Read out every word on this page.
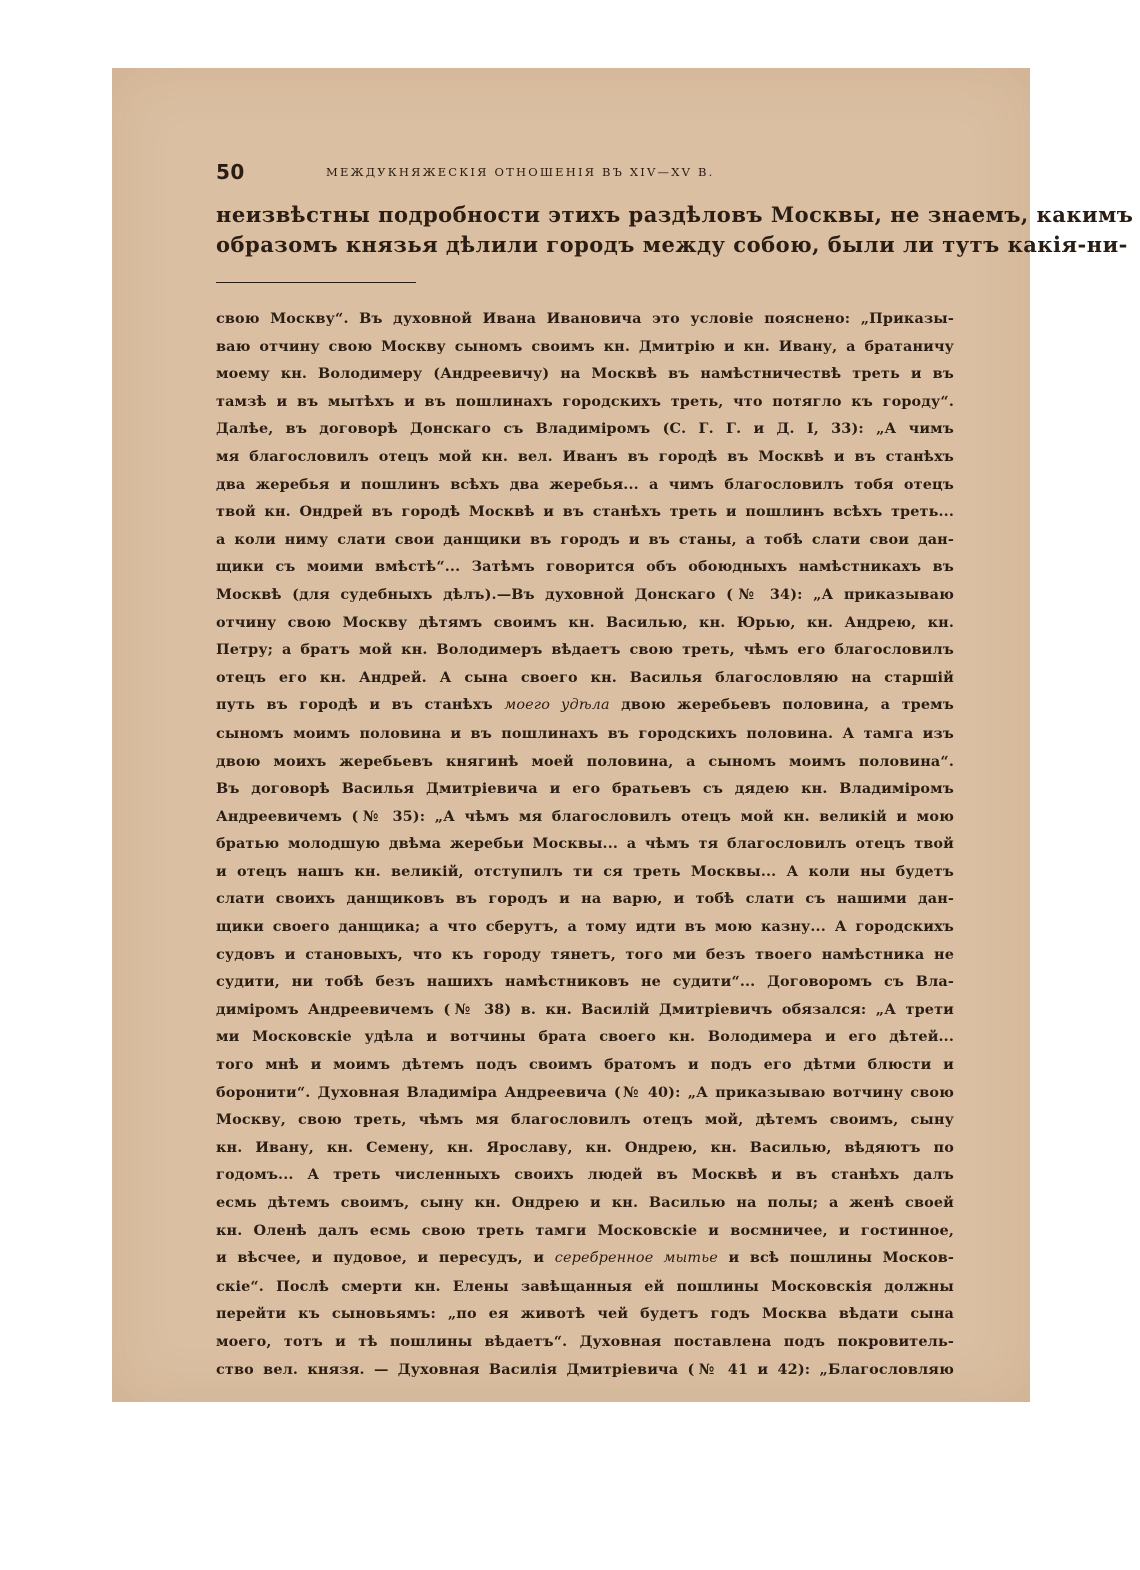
50	МЕЖДУКНЯЖЕСКІЯ ОТНОШЕНІЯ ВЪ XIV—XV В.
неизвѣстны подробности этихъ раздѣловъ Москвы, не знаемъ, какимъ
образомъ князья дѣлили городъ между собою, были ли тутъ какія-ни-
свою Москву“. Въ духовной Ивана Ивановича это условіе пояснено: „Приказы-
ваю отчину свою Москву сыномъ своимъ кн. Дмитрію и кн. Ивану, а братаничу
моему кн. Володимеру (Андреевичу) на Москвѣ въ намѣстничествѣ треть и въ
тамзѣ и въ мытѣхъ и въ пошлинахъ городскихъ треть, что потягло къ городу“.
Далѣе, въ договорѣ Донскаго съ Владиміромъ (С. Г. Г. и Д. I, 33): „А чимъ
мя благословилъ отецъ мой кн. вел. Иванъ въ городѣ въ Москвѣ и въ станѣхъ
два жеребья и пошлинъ всѣхъ два жеребья... а чимъ благословилъ тобя отецъ
твой кн. Ондрей въ городѣ Москвѣ и въ станѣхъ треть и пошлинъ всѣхъ треть...
а коли ниму слати свои данщики въ городъ и въ станы, а тобѣ слати свои дан-
щики съ моими вмѣстѣ“... Затѣмъ говорится объ обоюдныхъ намѣстникахъ въ
Москвѣ (для судебныхъ дѣлъ).—Въ духовной Донскаго (№ 34): „А приказываю
отчину свою Москву дѣтямъ своимъ кн. Василью, кн. Юрью, кн. Андрею, кн.
Петру; а братъ мой кн. Володимеръ вѣдаетъ свою треть, чѣмъ его благословилъ
отецъ его кн. Андрей. А сына своего кн. Василья благословляю на старшій
путь въ городѣ и въ станѣхъ моего удѣла двою жеребьевъ половина, а тремъ
сыномъ моимъ половина и въ пошлинахъ въ городскихъ половина. А тамга изъ
двою моихъ жеребьевъ княгинѣ моей половина, а сыномъ моимъ половина“.
Въ договорѣ Василья Дмитріевича и его братьевъ съ дядею кн. Владиміромъ
Андреевичемъ (№ 35): „А чѣмъ мя благословилъ отецъ мой кн. великій и мою
братью молодшую двѣма жеребьи Москвы... а чѣмъ тя благословилъ отецъ твой
и отецъ нашъ кн. великій, отступилъ ти ся треть Москвы... А коли ны будетъ
слати своихъ данщиковъ въ городъ и на варю, и тобѣ слати съ нашими дан-
щики своего данщика; а что сберутъ, а тому идти въ мою казну... А городскихъ
судовъ и становыхъ, что къ городу тянетъ, того ми безъ твоего намѣстника не
судити, ни тобѣ безъ нашихъ намѣстниковъ не судити“... Договоромъ съ Вла-
диміромъ Андреевичемъ (№ 38) в. кн. Василій Дмитріевичъ обязался: „А трети
ми Московскіе удѣла и вотчины брата своего кн. Володимера и его дѣтей...
того мнѣ и моимъ дѣтемъ подъ своимъ братомъ и подъ его дѣтми блюсти и
боронити“. Духовная Владиміра Андреевича (№ 40): „А приказываю вотчину свою
Москву, свою треть, чѣмъ мя благословилъ отецъ мой, дѣтемъ своимъ, сыну
кн. Ивану, кн. Семену, кн. Ярославу, кн. Ондрею, кн. Василью, вѣдяютъ по
годомъ... А треть численныхъ своихъ людей въ Москвѣ и въ станѣхъ далъ
есмь дѣтемъ своимъ, сыну кн. Ондрею и кн. Василью на полы; а женѣ своей
кн. Оленѣ далъ есмь свою треть тамги Московскіе и восмничее, и гостинное,
и вѣсчее, и пудовое, и пересудъ, и серебренное мытье и всѣ пошлины Москов-
скіе“. Послѣ смерти кн. Елены завѣщанныя ей пошлины Московскія должны
перейти къ сыновьямъ: „по ея животѣ чей будетъ годъ Москва вѣдати сына
моего, тотъ и тѣ пошлины вѣдаетъ“. Духовная поставлена подъ покровитель-
ство вел. князя. — Духовная Василія Дмитріевича (№ 41 и 42): „Благословляю
